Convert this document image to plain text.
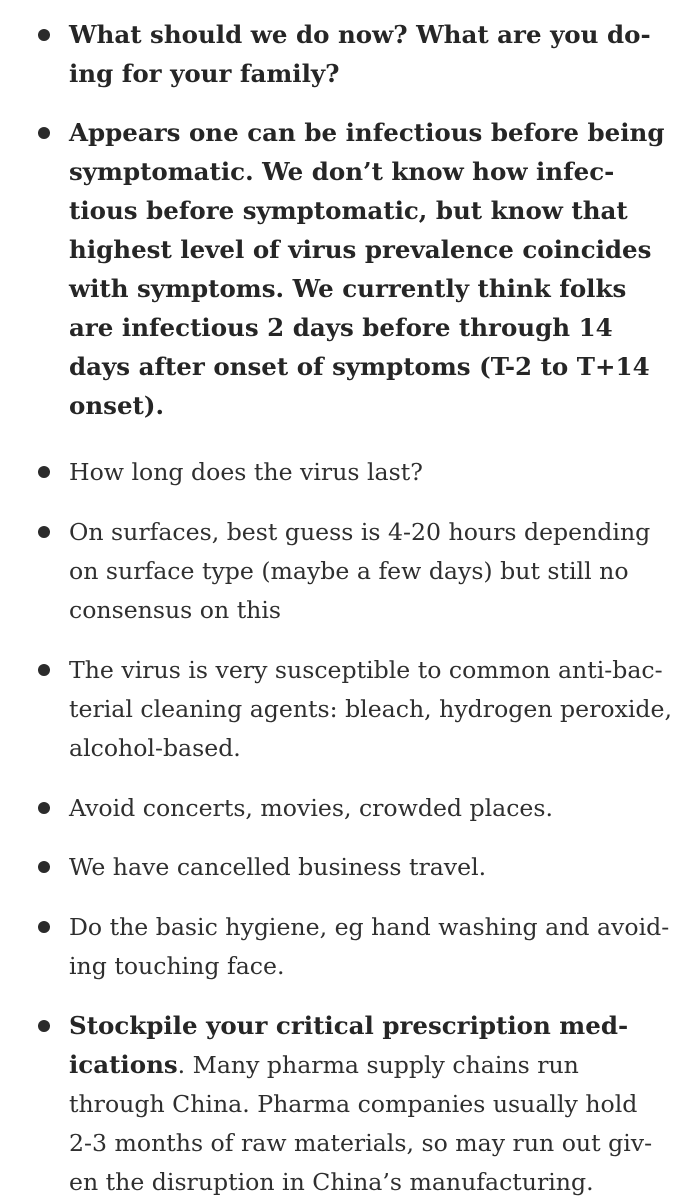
What should we do now? What are you do-
ing for your family?
Appears one can be infectious before being
symptomatic. We don’t know how infec-
tious before symptomatic, but know that
highest level of virus prevalence coincides
with symptoms. We currently think folks
are infectious 2 days before through 14
days after onset of symptoms (T-2 to T+14
onset).
How long does the virus last?
On surfaces, best guess is 4-20 hours depending
on surface type (maybe a few days) but still no
consensus on this
The virus is very susceptible to common anti-bac-
terial cleaning agents: bleach, hydrogen peroxide,
alcohol-based.
Avoid concerts, movies, crowded places.
We have cancelled business travel.
Do the basic hygiene, eg hand washing and avoid-
ing touching face.
Stockpile your critical prescription med-
ications. Many pharma supply chains run
through China. Pharma companies usually hold
2-3 months of raw materials, so may run out giv-
en the disruption in China’s manufacturing.
